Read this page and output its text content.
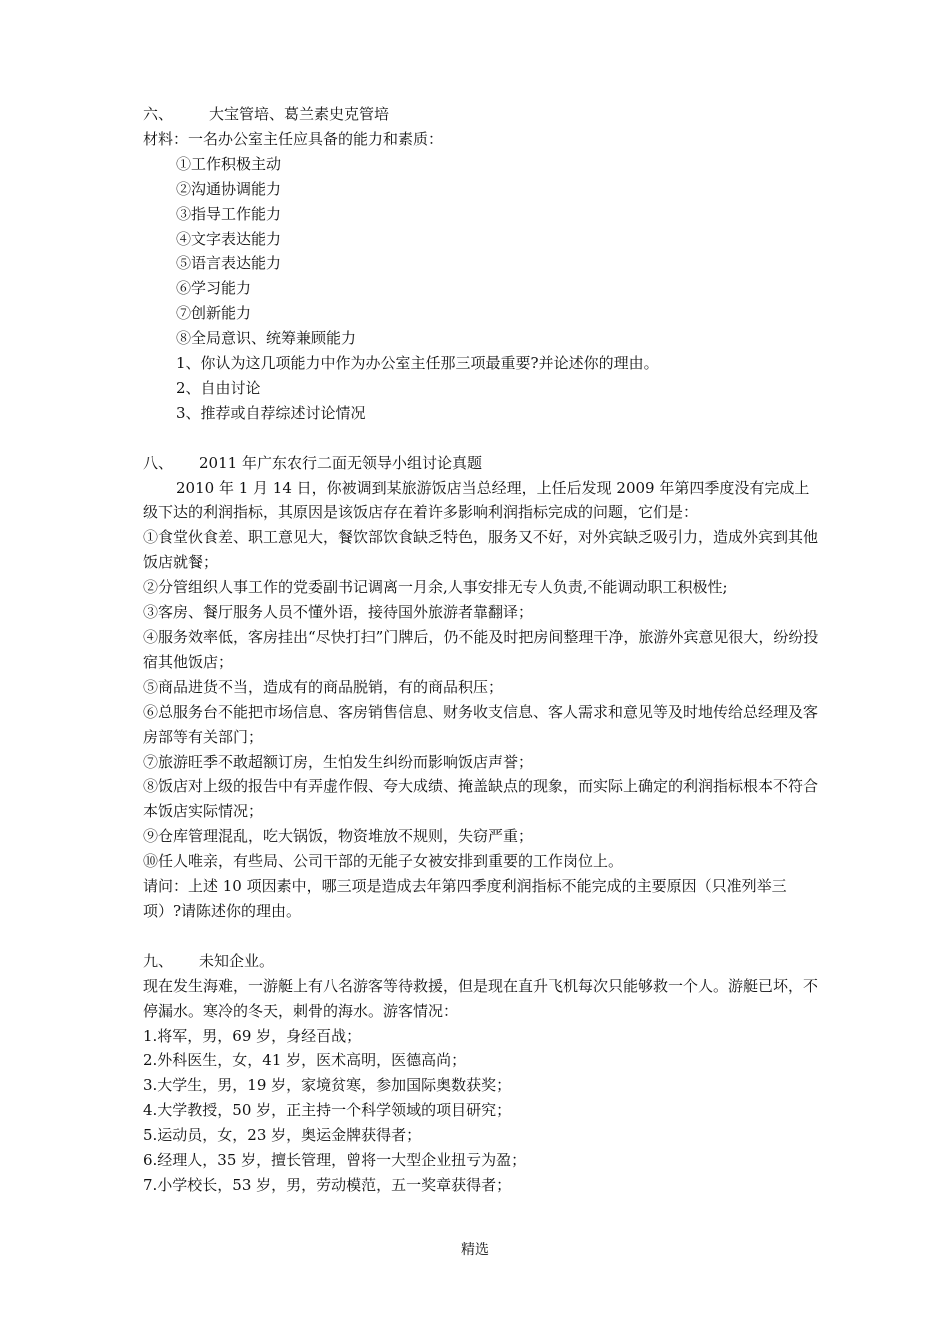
六、 大宝管培、葛兰素史克管培

材料：一名办公室主任应具备的能力和素质：

①工作积极主动

②沟通协调能力

③指导工作能力

④文字表达能力

⑤语言表达能力

⑥学习能力

⑦创新能力

⑧全局意识、统筹兼顾能力

1、你认为这几项能力中作为办公室主任那三项最重要?并论述你的理由。

2、自由讨论

3、推荐或自荐综述讨论情况

八、 2011 年广东农行二面无领导小组讨论真题

2010 年 1 月 14 日，你被调到某旅游饭店当总经理，上任后发现 2009 年第四季度没有完成上级下达的利润指标，其原因是该饭店存在着许多影响利润指标完成的问题，它们是：

①食堂伙食差、职工意见大，餐饮部饮食缺乏特色，服务又不好，对外宾缺乏吸引力，造成外宾到其他饭店就餐；

②分管组织人事工作的党委副书记调离一月余,人事安排无专人负责,不能调动职工积极性;

③客房、餐厅服务人员不懂外语，接待国外旅游者靠翻译；

④服务效率低，客房挂出“尽快打扫”门牌后，仍不能及时把房间整理干净，旅游外宾意见很大，纷纷投宿其他饭店；

⑤商品进货不当，造成有的商品脱销，有的商品积压；

⑥总服务台不能把市场信息、客房销售信息、财务收支信息、客人需求和意见等及时地传给总经理及客房部等有关部门；

⑦旅游旺季不敢超额订房，生怕发生纠纷而影响饭店声誉；

⑧饭店对上级的报告中有弄虚作假、夸大成绩、掩盖缺点的现象，而实际上确定的利润指标根本不符合本饭店实际情况；

⑨仓库管理混乱，吃大锅饭，物资堆放不规则，失窃严重；

⑩任人唯亲，有些局、公司干部的无能子女被安排到重要的工作岗位上。

请问：上述 10 项因素中，哪三项是造成去年第四季度利润指标不能完成的主要原因（只准列举三项）?请陈述你的理由。

九、 未知企业。

现在发生海难，一游艇上有八名游客等待救援，但是现在直升飞机每次只能够救一个人。游艇已坏，不停漏水。寒冷的冬天，刺骨的海水。游客情况：

1.将军，男，69 岁，身经百战；

2.外科医生，女，41 岁，医术高明，医德高尚；

3.大学生，男，19 岁，家境贫寒，参加国际奥数获奖；

4.大学教授，50 岁，正主持一个科学领域的项目研究；

5.运动员，女，23 岁，奥运金牌获得者；

6.经理人，35 岁，擅长管理，曾将一大型企业扭亏为盈；

7.小学校长，53 岁，男，劳动模范，五一奖章获得者；

精选
